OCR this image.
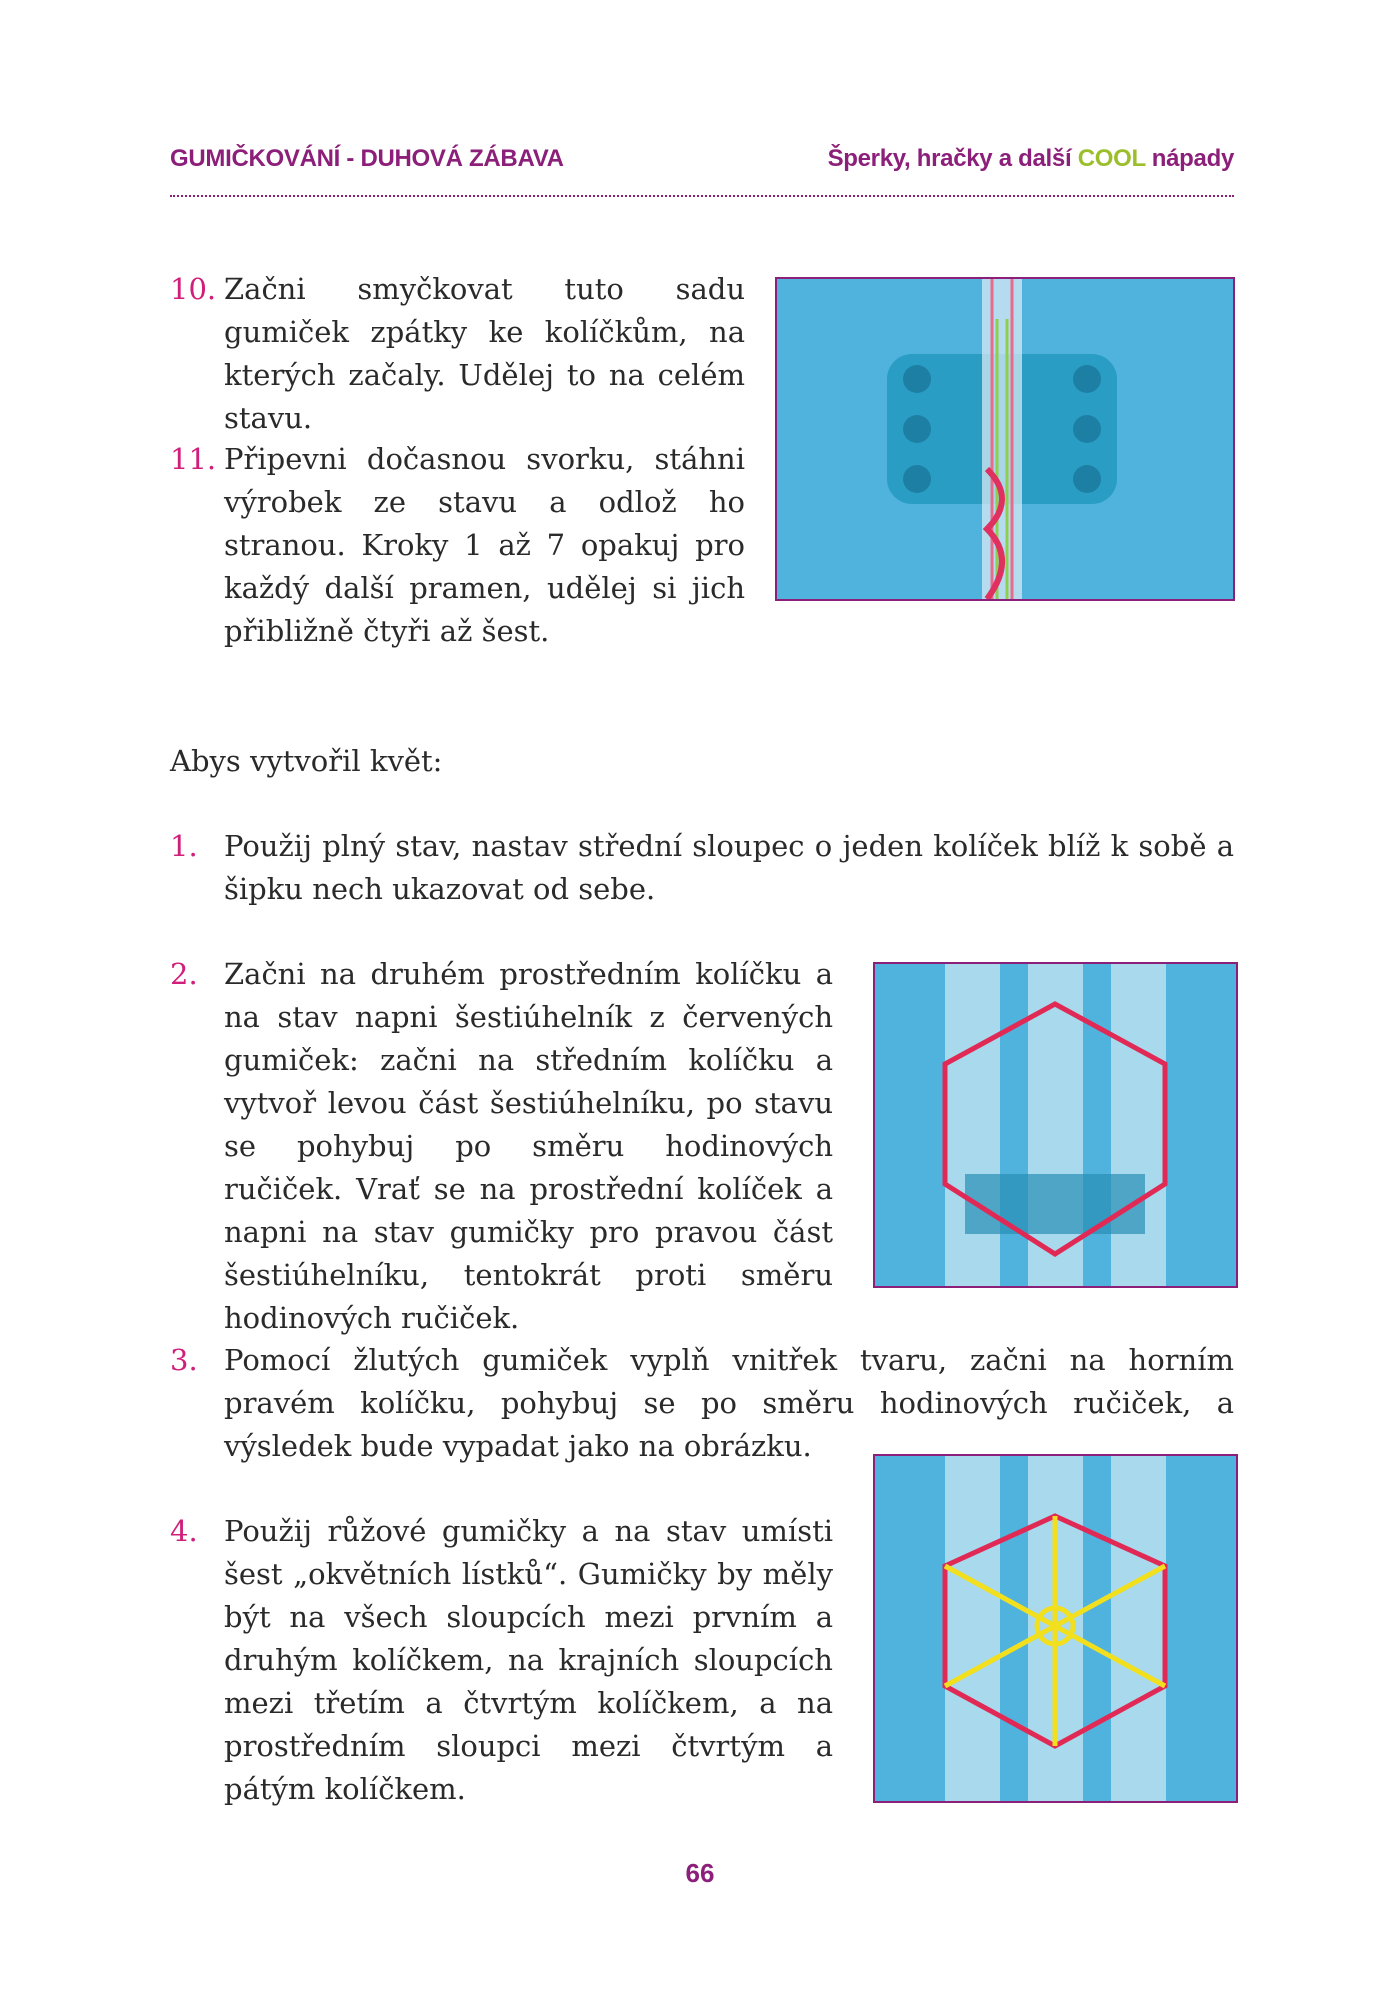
GUMIČKOVÁNÍ - DUHOVÁ ZÁBAVA	Šperky, hračky a další COOL nápady
10. Začni smyčkovat tuto sadu gumiček zpátky ke kolíčkům, na kterých začaly. Udělej to na celém stavu.
11. Připevni dočasnou svorku, stáhni výrobek ze stavu a odlož ho stranou. Kroky 1 až 7 opakuj pro každý další pramen, udělej si jich přibližně čtyři až šest.
Abys vytvořil květ:
1. Použij plný stav, nastav střední sloupec o jeden kolíček blíž k sobě a šipku nech ukazovat od sebe.
2. Začni na druhém prostředním kolíčku a na stav napni šestiúhelník z červených gumiček: začni na středním kolíčku a vytvoř levou část šestiúhelníku, po stavu se pohybuj po směru hodinových ručiček. Vrať se na prostřední kolíček a napni na stav gumičky pro pravou část šestiúhelníku, tentokrát proti směru hodinových ručiček.
3. Pomocí žlutých gumiček vyplň vnitřek tvaru, začni na horním pravém kolíčku, pohybuj se po směru hodinových ručiček, a výsledek bude vypadat jako na obrázku.
4. Použij růžové gumičky a na stav umísti šest „okvětních lístků“. Gumičky by měly být na všech sloupcích mezi prvním a druhým kolíčkem, na krajních sloupcích mezi třetím a čtvrtým kolíčkem, a na prostředním sloupci mezi čtvrtým a pátým kolíčkem.
66
